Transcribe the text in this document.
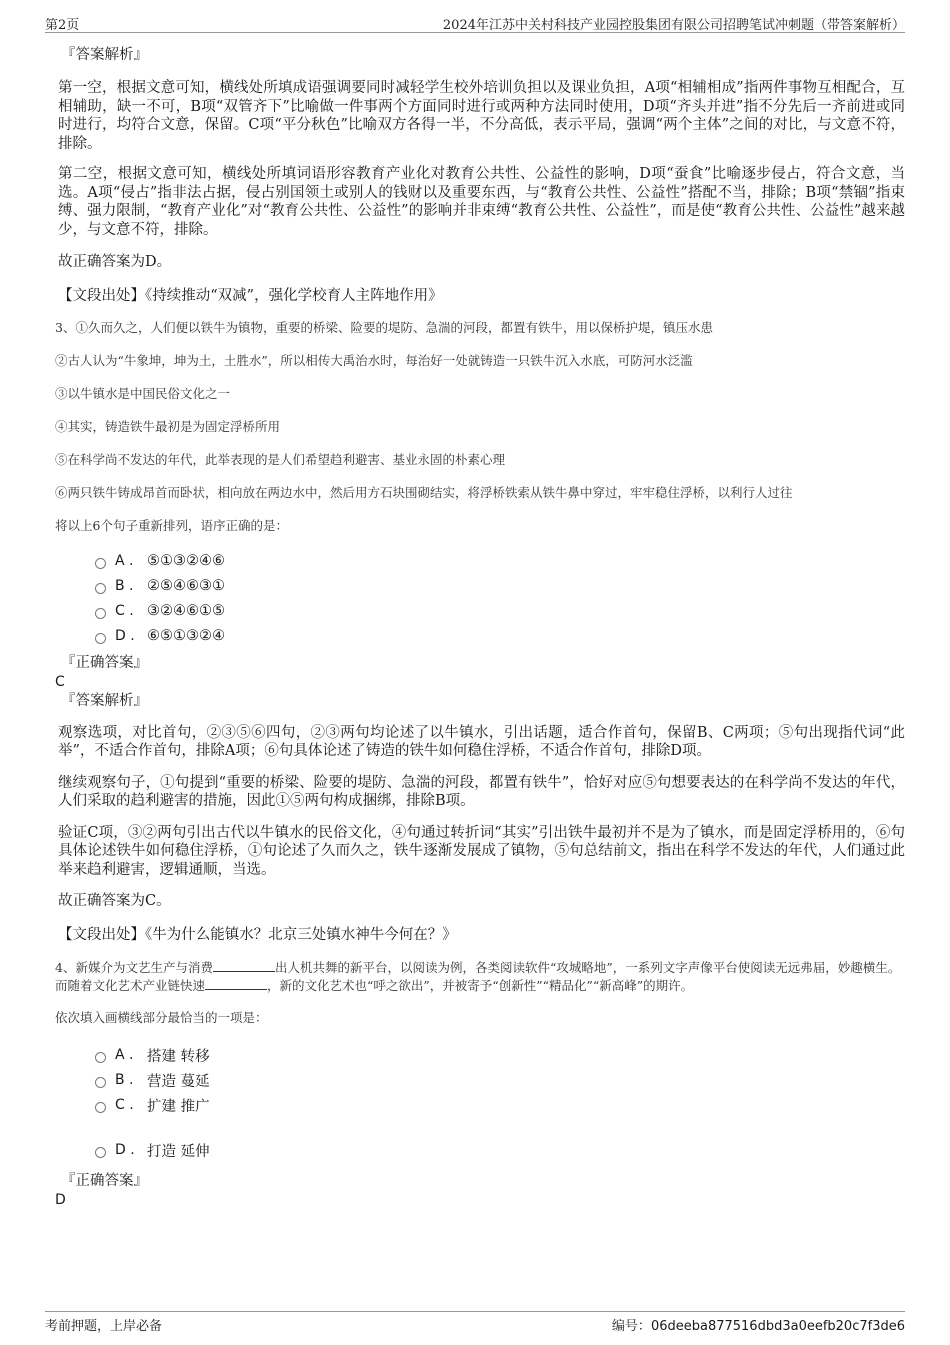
第2页	2024年江苏中关村科技产业园控股集团有限公司招聘笔试冲刺题（带答案解析）
『答案解析』

第一空，根据文意可知，横线处所填成语强调要同时减轻学生校外培训负担以及课业负担，A项“相辅相成”指两件事物互相配合，互相辅助，缺一不可，B项“双管齐下”比喻做一件事两个方面同时进行或两种方法同时使用，D项“齐头并进”指不分先后一齐前进或同时进行，均符合文意，保留。C项“平分秋色”比喻双方各得一半，不分高低，表示平局，强调“两个主体”之间的对比，与文意不符，排除。

第二空，根据文意可知，横线处所填词语形容教育产业化对教育公共性、公益性的影响，D项“蚕食”比喻逐步侵占，符合文意，当选。A项“侵占”指非法占据，侵占别国领土或别人的钱财以及重要东西，与“教育公共性、公益性”搭配不当，排除；B项“禁锢”指束缚、强力限制，“教育产业化”对“教育公共性、公益性”的影响并非束缚“教育公共性、公益性”，而是使“教育公共性、公益性”越来越少，与文意不符，排除。

故正确答案为D。

【文段出处】《持续推动“双减”，强化学校育人主阵地作用》

3、①久而久之，人们便以铁牛为镇物，重要的桥梁、险要的堤防、急湍的河段，都置有铁牛，用以保桥护堤，镇压水患

②古人认为“牛象坤，坤为土，土胜水”，所以相传大禹治水时，每治好一处就铸造一只铁牛沉入水底，可防河水泛滥

③以牛镇水是中国民俗文化之一

④其实，铸造铁牛最初是为固定浮桥所用

⑤在科学尚不发达的年代，此举表现的是人们希望趋利避害、基业永固的朴素心理

⑥两只铁牛铸成昂首而卧状，相向放在两边水中，然后用方石块围砌结实，将浮桥铁索从铁牛鼻中穿过，牢牢稳住浮桥，以利行人过往

将以上6个句子重新排列，语序正确的是：

A . ⑤①③②④⑥
B . ②⑤④⑥③①
C . ③②④⑥①⑤
D . ⑥⑤①③②④
『正确答案』

C

『答案解析』

观察选项，对比首句，②③⑤⑥四句，②③两句均论述了以牛镇水，引出话题，适合作首句，保留B、C两项；⑤句出现指代词“此举”，不适合作首句，排除A项；⑥句具体论述了铸造的铁牛如何稳住浮桥，不适合作首句，排除D项。

继续观察句子，①句提到“重要的桥梁、险要的堤防、急湍的河段，都置有铁牛”，恰好对应⑤句想要表达的在科学尚不发达的年代，人们采取的趋利避害的措施，因此①⑤两句构成捆绑，排除B项。

验证C项，③②两句引出古代以牛镇水的民俗文化，④句通过转折词“其实”引出铁牛最初并不是为了镇水，而是固定浮桥用的，⑥句具体论述铁牛如何稳住浮桥，①句论述了久而久之，铁牛逐渐发展成了镇物，⑤句总结前文，指出在科学不发达的年代，人们通过此举来趋利避害，逻辑通顺，当选。

故正确答案为C。

【文段出处】《牛为什么能镇水？北京三处镇水神牛今何在？》

4、新媒介为文艺生产与消费	出人机共舞的新平台，以阅读为例，各类阅读软件“攻城略地”，一系列文字声像平台使阅读无远弗届，妙趣横生。而随着文化艺术产业链快速	，新的文化艺术也“呼之欲出”，并被寄予“创新性”“精品化”“新高峰”的期许。

依次填入画横线部分最恰当的一项是：

A . 搭建 转移
B . 营造 蔓延
C . 扩建 推广
D . 打造 延伸
『正确答案』

D

考前押题，上岸必备	编号：06deeba877516dbd3a0eefb20c7f3de6
